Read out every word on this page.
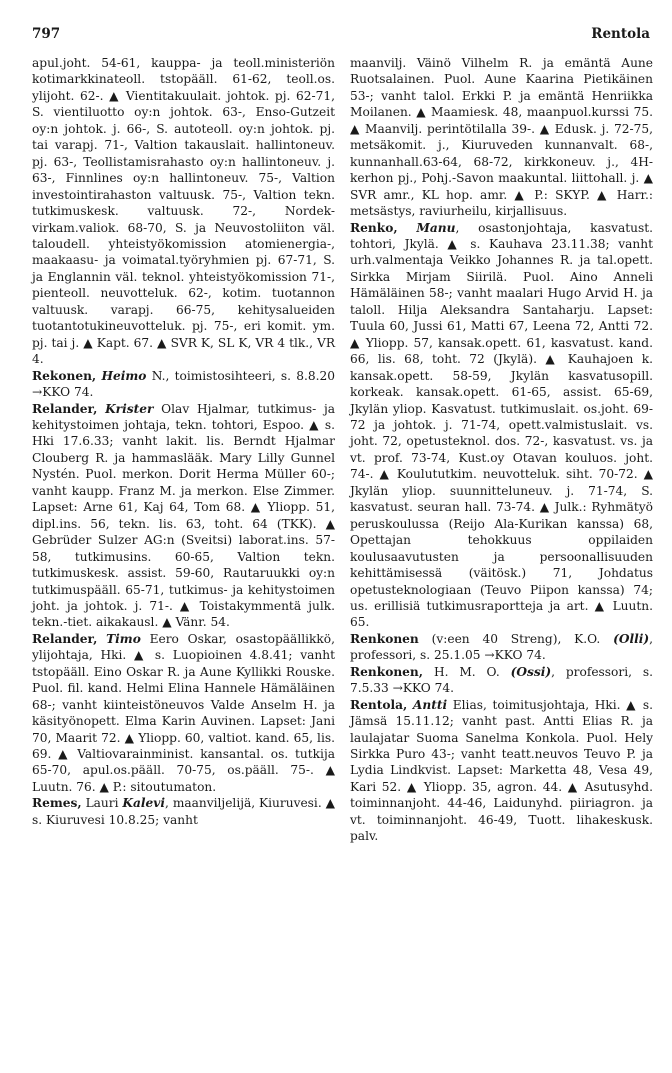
797	Rentola

apul.joht. 54-61, kauppa- ja teoll.ministeriön kotimarkkinateoll. tstopääll. 61-62, teoll.os. ylijoht. 62-. ▲ Vientitakuulait. johtok. pj. 62-71, S. vientiluotto oy:n johtok. 63-, Enso-Gutzeit oy:n johtok. j. 66-, S. autoteoll. oy:n johtok. pj. tai varapj. 71-, Valtion takauslait. hallintoneuv. pj. 63-, Teollistamisrahasto oy:n hallintoneuv. j. 63-, Finnlines oy:n hallintoneuv. 75-, Valtion investointirahaston valtuusk. 75-, Valtion tekn. tutkimuskesk. valtuusk. 72-, Nordek-virkam.valiok. 68-70, S. ja Neuvostoliiton väl. taloudell. yhteistyökomission atomienergia-, maakaasu- ja voimatal.työryhmien pj. 67-71, S. ja Englannin väl. teknol. yhteistyökomission 71-, pienteoll. neuvotteluk. 62-, kotim. tuotannon valtuusk. varapj. 66-75, kehitysalueiden tuotantotukineuvotteluk. pj. 75-, eri komit. ym. pj. tai j. ▲ Kapt. 67. ▲ SVR K, SL K, VR 4 tlk., VR 4.

Rekonen, Heimo N., toimistosihteeri, s. 8.8.20 →KKO 74.

Relander, Krister Olav Hjalmar, tutkimus- ja kehitystoimen johtaja, tekn. tohtori, Espoo. ▲ s. Hki 17.6.33; vanht lakit. lis. Berndt Hjalmar Clouberg R. ja hammaslääk. Mary Lilly Gunnel Nystén. Puol. merkon. Dorit Herma Müller 60-; vanht kaupp. Franz M. ja merkon. Else Zimmer. Lapset: Arne 61, Kaj 64, Tom 68. ▲ Yliopp. 51, dipl.ins. 56, tekn. lis. 63, toht. 64 (TKK). ▲ Gebrüder Sulzer AG:n (Sveitsi) laborat.ins. 57-58, tutkimusins. 60-65, Valtion tekn. tutkimuskesk. assist. 59-60, Rautaruukki oy:n tutkimuspääll. 65-71, tutkimus- ja kehitystoimen joht. ja johtok. j. 71-. ▲ Toistakymmentä julk. tekn.-tiet. aikakausl. ▲ Vänr. 54.

Relander, Timo Eero Oskar, osastopäällikkö, ylijohtaja, Hki. ▲ s. Luopioinen 4.8.41; vanht tstopääll. Eino Oskar R. ja Aune Kyllikki Rouske. Puol. fil. kand. Helmi Elina Hannele Hämäläinen 68-; vanht kiinteistöneuvos Valde Anselm H. ja käsityönopett. Elma Karin Auvinen. Lapset: Jani 70, Maarit 72. ▲ Yliopp. 60, valtiot. kand. 65, lis. 69. ▲ Valtiovarainminist. kansantal. os. tutkija 65-70, apul.os.pääll. 70-75, os.pääll. 75-. ▲ Luutn. 76. ▲ P.: sitoutumaton.

Remes, Lauri Kalevi, maanviljelijä, Kiuruvesi. ▲ s. Kiuruvesi 10.8.25; vanht

maanvilj. Väinö Vilhelm R. ja emäntä Aune Ruotsalainen. Puol. Aune Kaarina Pietikäinen 53-; vanht talol. Erkki P. ja emäntä Henriikka Moilanen. ▲ Maamiesk. 48, maanpuol.kurssi 75. ▲ Maanvilj. perintötilalla 39-. ▲ Edusk. j. 72-75, metsäkomit. j., Kiuruveden kunnanvalt. 68-, kunnanhall.63-64, 68-72, kirkkoneuv. j., 4H-kerhon pj., Pohj.-Savon maakuntal. liittohall. j. ▲ SVR amr., KL hop. amr. ▲ P.: SKYP. ▲ Harr.: metsästys, raviurheilu, kirjallisuus.

Renko, Manu, osastonjohtaja, kasvatust. tohtori, Jkylä. ▲ s. Kauhava 23.11.38; vanht urh.valmentaja Veikko Johannes R. ja tal.opett. Sirkka Mirjam Siirilä. Puol. Aino Anneli Hämäläinen 58-; vanht maalari Hugo Arvid H. ja taloll. Hilja Aleksandra Santaharju. Lapset: Tuula 60, Jussi 61, Matti 67, Leena 72, Antti 72. ▲ Yliopp. 57, kansak.opett. 61, kasvatust. kand. 66, lis. 68, toht. 72 (Jkylä). ▲ Kauhajoen k. kansak.opett. 58-59, Jkylän kasvatusopill. korkeak. kansak.opett. 61-65, assist. 65-69, Jkylän yliop. Kasvatust. tutkimuslait. os.joht. 69-72 ja johtok. j. 71-74, opett.valmistuslait. vs. joht. 72, opetusteknol. dos. 72-, kasvatust. vs. ja vt. prof. 73-74, Kust.oy Otavan kouluos. joht. 74-. ▲ Koulututkim. neuvotteluk. siht. 70-72. ▲ Jkylän yliop. suunnitteluneuv. j. 71-74, S. kasvatust. seuran hall. 73-74. ▲ Julk.: Ryhmätyö peruskoulussa (Reijo Ala-Kurikan kanssa) 68, Opettajan tehokkuus oppilaiden koulusaavutusten ja persoonallisuuden kehittämisessä (väitösk.) 71, Johdatus opetusteknologiaan (Teuvo Piipon kanssa) 74; us. erillisiä tutkimusraportteja ja art. ▲ Luutn. 65.

Renkonen (v:een 40 Streng), K.O. (Olli), professori, s. 25.1.05 →KKO 74.

Renkonen, H. M. O. (Ossi), professori, s. 7.5.33 →KKO 74.

Rentola, Antti Elias, toimitusjohtaja, Hki. ▲ s. Jämsä 15.11.12; vanht past. Antti Elias R. ja laulajatar Suoma Sanelma Konkola. Puol. Hely Sirkka Puro 43-; vanht teatt.neuvos Teuvo P. ja Lydia Lindkvist. Lapset: Marketta 48, Vesa 49, Kari 52. ▲ Yliopp. 35, agron. 44. ▲ Asutusyhd. toiminnanjoht. 44-46, Laidunyhd. piiriagron. ja vt. toiminnanjoht. 46-49, Tuott. lihakeskusk. palv.
